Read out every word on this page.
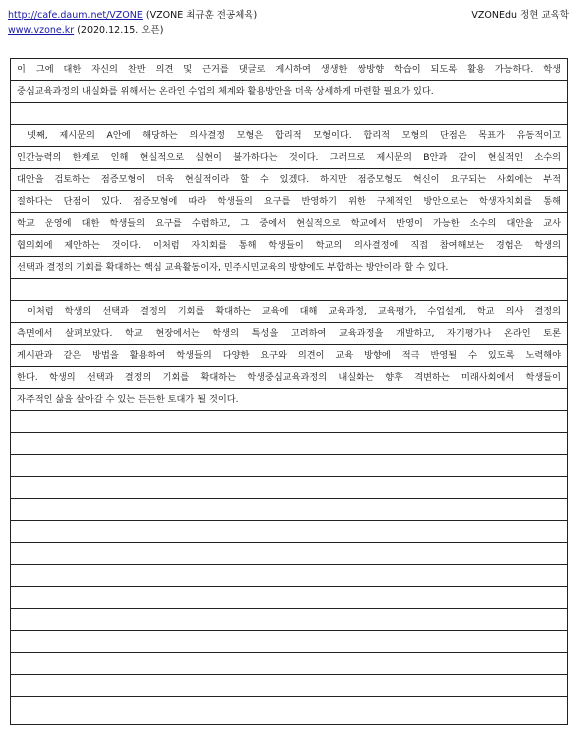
http://cafe.daum.net/VZONE (VZONE 최규훈 전공체육)
www.vzone.kr (2020.12.15. 오픈)
VZONEdu 정현 교육학
이 그에 대한 자신의 찬반 의견 및 근거를 댓글로 게시하여 생생한 쌍방향 학습이 되도록 활용 가능하다. 학생
중심교육과정의 내실화를 위해서는 온라인 수업의 체계와 활용방안을 더욱 상세하게 마련할 필요가 있다.
넷째, 제시문의 A안에 해당하는 의사결정 모형은 합리적 모형이다. 합리적 모형의 단점은 목표가 유동적이고
인간능력의 한계로 인해 현실적으로 실현이 불가하다는 것이다. 그러므로 제시문의 B안과 같이 현실적인 소수의
대안을 검토하는 점증모형이 더욱 현실적이라 할 수 있겠다. 하지만 점증모형도 혁신이 요구되는 사회에는 부적
절하다는 단점이 있다. 점증모형에 따라 학생들의 요구를 반영하기 위한 구체적인 방안으로는 학생자치회를 통해
학교 운영에 대한 학생들의 요구를 수렴하고, 그 중에서 현실적으로 학교에서 반영이 가능한 소수의 대안을 교사
협의회에 제안하는 것이다. 이처럼 자치회를 통해 학생들이 학교의 의사결정에 직접 참여해보는 경험은 학생의
선택과 결정의 기회를 확대하는 핵심 교육활동이자, 민주시민교육의 방향에도 부합하는 방안이라 할 수 있다.
이처럼 학생의 선택과 결정의 기회를 확대하는 교육에 대해 교육과정, 교육평가, 수업설계, 학교 의사 결정의
측면에서 살펴보았다. 학교 현장에서는 학생의 특성을 고려하여 교육과정을 개발하고, 자기평가나 온라인 토론
게시판과 같은 방법을 활용하여 학생들의 다양한 요구와 의견이 교육 방향에 적극 반영될 수 있도록 노력해야
한다. 학생의 선택과 결정의 기회를 확대하는 학생중심교육과정의 내실화는 향후 격변하는 미래사회에서 학생들이
자주적인 삶을 살아갈 수 있는 든든한 토대가 될 것이다.
